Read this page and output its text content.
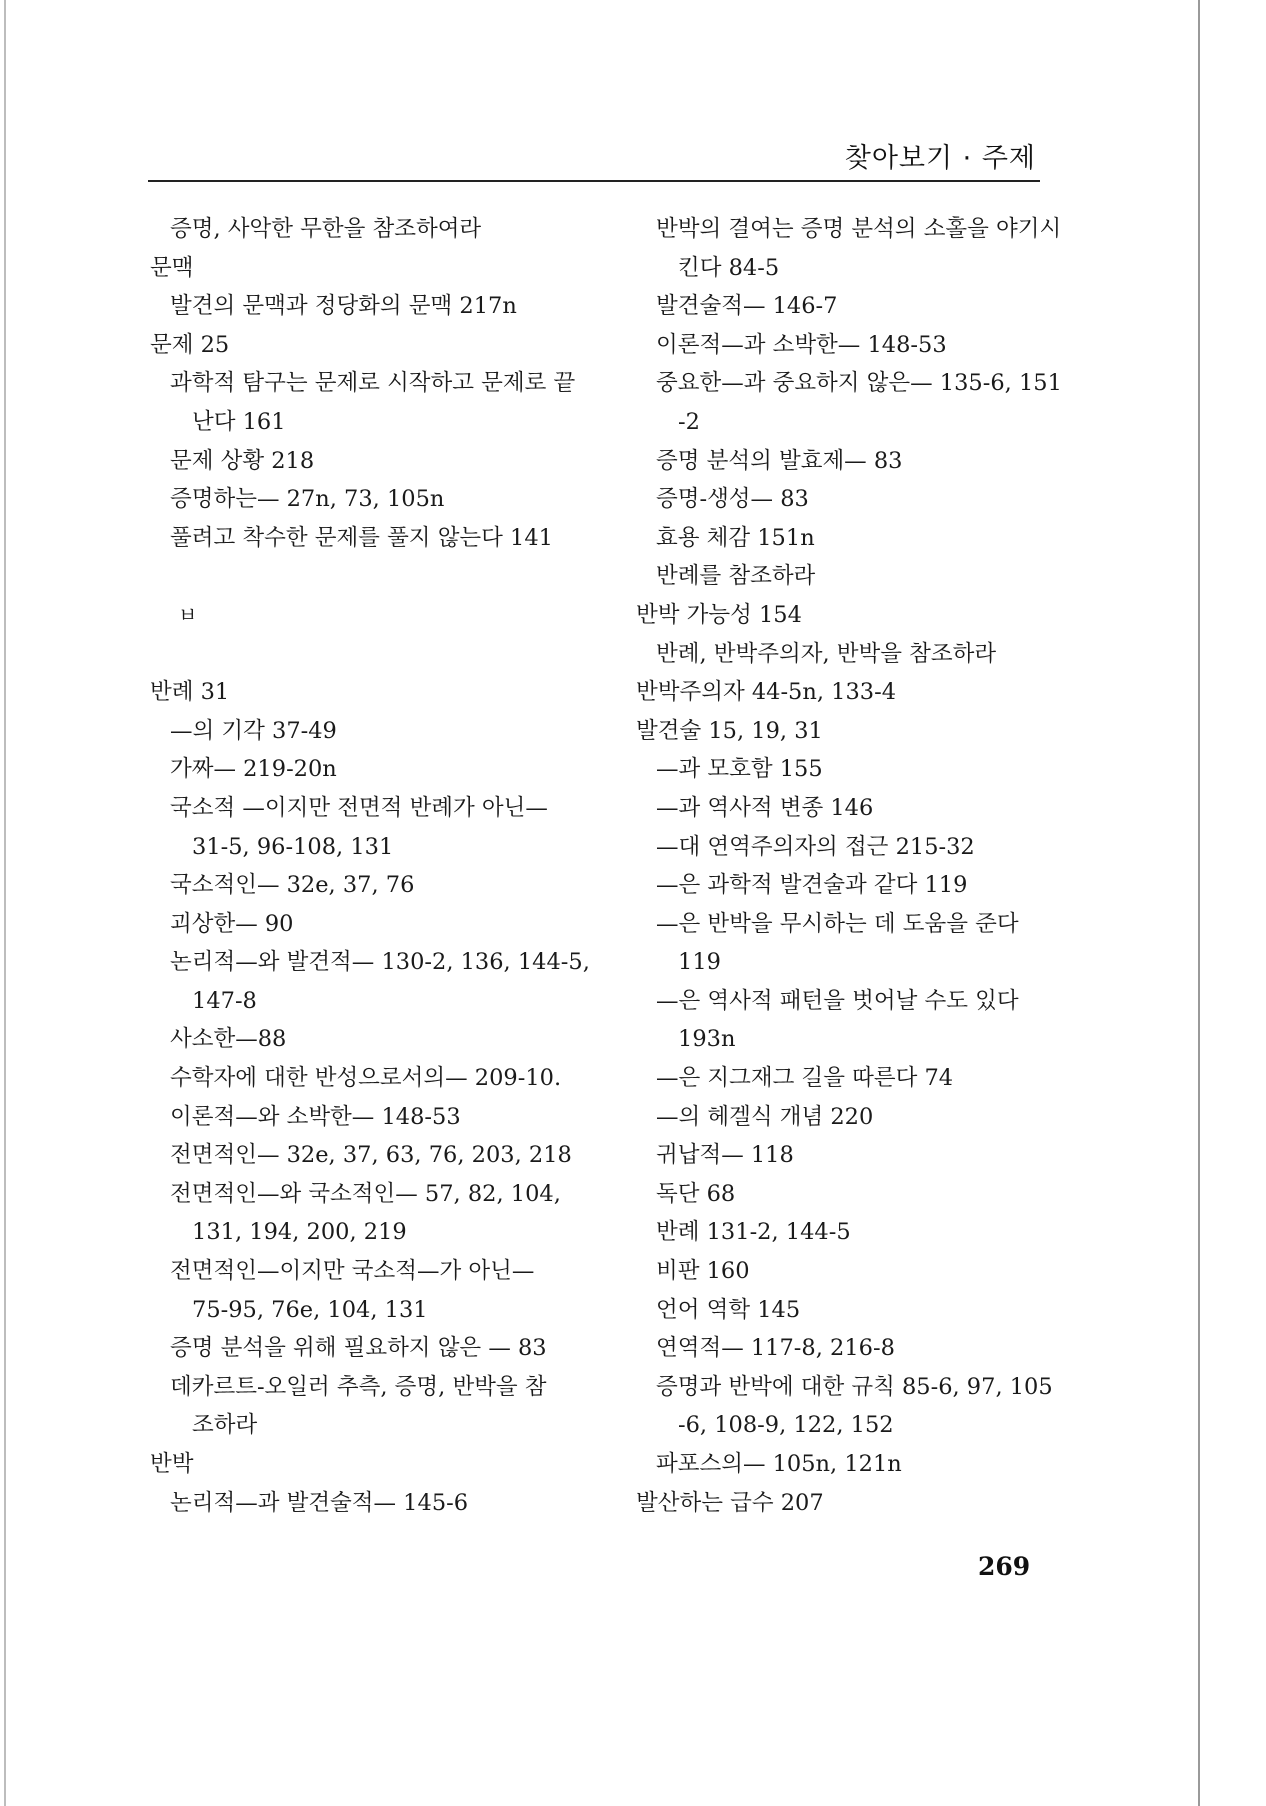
찾아보기 · 주제
증명, 사악한 무한을 참조하여라
문맥
발견의 문맥과 정당화의 문맥 217n
문제 25
과학적 탐구는 문제로 시작하고 문제로 끝
난다 161
문제 상황 218
증명하는— 27n, 73, 105n
풀려고 착수한 문제를 풀지 않는다 141
ㅂ
반례 31
—의 기각 37-49
가짜— 219-20n
국소적 —이지만 전면적 반례가 아닌—
31-5, 96-108, 131
국소적인— 32e, 37, 76
괴상한— 90
논리적—와 발견적— 130-2, 136, 144-5,
147-8
사소한—88
수학자에 대한 반성으로서의— 209-10.
이론적—와 소박한— 148-53
전면적인— 32e, 37, 63, 76, 203, 218
전면적인—와 국소적인— 57, 82, 104,
131, 194, 200, 219
전면적인—이지만 국소적—가 아닌—
75-95, 76e, 104, 131
증명 분석을 위해 필요하지 않은 — 83
데카르트-오일러 추측, 증명, 반박을 참
조하라
반박
논리적—과 발견술적— 145-6
반박의 결여는 증명 분석의 소홀을 야기시
킨다 84-5
발견술적— 146-7
이론적—과 소박한— 148-53
중요한—과 중요하지 않은— 135-6, 151
-2
증명 분석의 발효제— 83
증명-생성— 83
효용 체감 151n
반례를 참조하라
반박 가능성 154
반례, 반박주의자, 반박을 참조하라
반박주의자 44-5n, 133-4
발견술 15, 19, 31
—과 모호함 155
—과 역사적 변종 146
—대 연역주의자의 접근 215-32
—은 과학적 발견술과 같다 119
—은 반박을 무시하는 데 도움을 준다
119
—은 역사적 패턴을 벗어날 수도 있다
193n
—은 지그재그 길을 따른다 74
—의 헤겔식 개념 220
귀납적— 118
독단 68
반례 131-2, 144-5
비판 160
언어 역학 145
연역적— 117-8, 216-8
증명과 반박에 대한 규칙 85-6, 97, 105
-6, 108-9, 122, 152
파포스의— 105n, 121n
발산하는 급수 207
269
